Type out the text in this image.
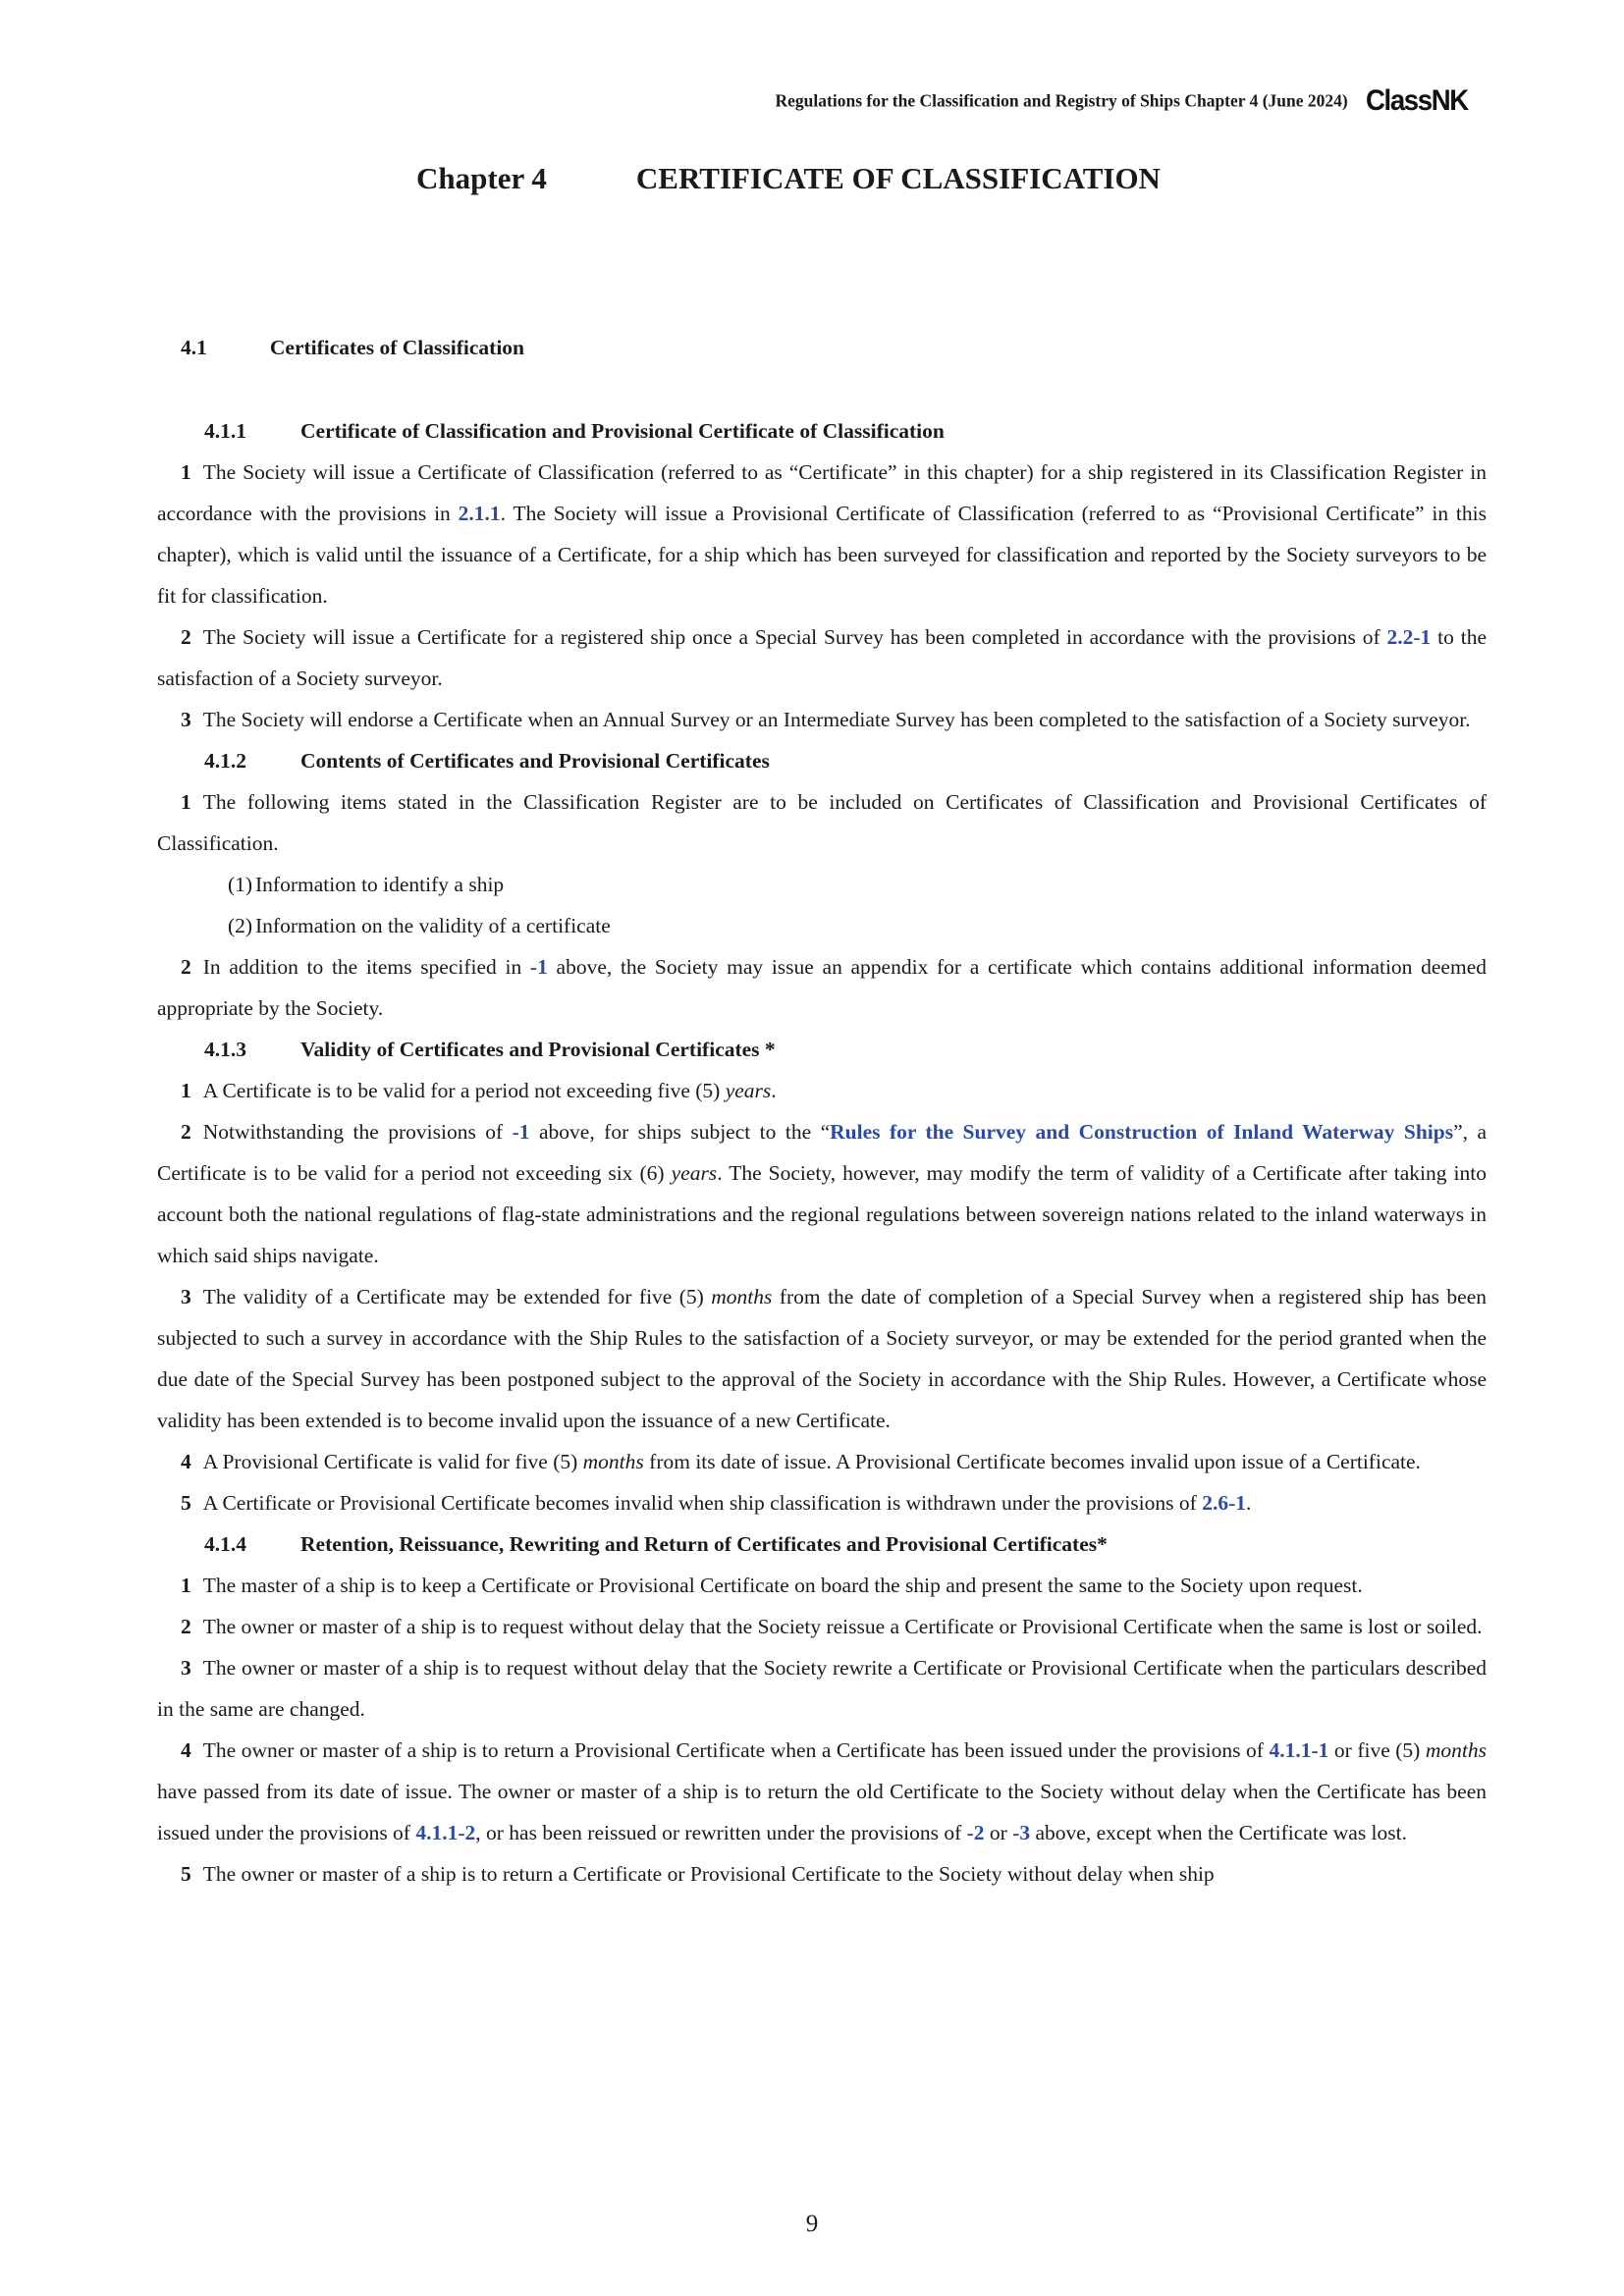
Regulations for the Classification and Registry of Ships Chapter 4 (June 2024) ClassNK
Chapter 4	CERTIFICATE OF CLASSIFICATION
4.1	Certificates of Classification

4.1.1	Certificate of Classification and Provisional Certificate of Classification

1 The Society will issue a Certificate of Classification (referred to as “Certificate” in this chapter) for a ship registered in its Classification Register in accordance with the provisions in 2.1.1. The Society will issue a Provisional Certificate of Classification (referred to as “Provisional Certificate” in this chapter), which is valid until the issuance of a Certificate, for a ship which has been surveyed for classification and reported by the Society surveyors to be fit for classification.

2 The Society will issue a Certificate for a registered ship once a Special Survey has been completed in accordance with the provisions of 2.2-1 to the satisfaction of a Society surveyor.

3 The Society will endorse a Certificate when an Annual Survey or an Intermediate Survey has been completed to the satisfaction of a Society surveyor.

4.1.2	Contents of Certificates and Provisional Certificates

1 The following items stated in the Classification Register are to be included on Certificates of Classification and Provisional Certificates of Classification.

(1) Information to identify a ship

(2) Information on the validity of a certificate

2 In addition to the items specified in -1 above, the Society may issue an appendix for a certificate which contains additional information deemed appropriate by the Society.

4.1.3	Validity of Certificates and Provisional Certificates *

1 A Certificate is to be valid for a period not exceeding five (5) years.

2 Notwithstanding the provisions of -1 above, for ships subject to the “Rules for the Survey and Construction of Inland Waterway Ships”, a Certificate is to be valid for a period not exceeding six (6) years. The Society, however, may modify the term of validity of a Certificate after taking into account both the national regulations of flag-state administrations and the regional regulations between sovereign nations related to the inland waterways in which said ships navigate.

3 The validity of a Certificate may be extended for five (5) months from the date of completion of a Special Survey when a registered ship has been subjected to such a survey in accordance with the Ship Rules to the satisfaction of a Society surveyor, or may be extended for the period granted when the due date of the Special Survey has been postponed subject to the approval of the Society in accordance with the Ship Rules. However, a Certificate whose validity has been extended is to become invalid upon the issuance of a new Certificate.

4 A Provisional Certificate is valid for five (5) months from its date of issue. A Provisional Certificate becomes invalid upon issue of a Certificate.

5 A Certificate or Provisional Certificate becomes invalid when ship classification is withdrawn under the provisions of 2.6-1.

4.1.4	Retention, Reissuance, Rewriting and Return of Certificates and Provisional Certificates*

1 The master of a ship is to keep a Certificate or Provisional Certificate on board the ship and present the same to the Society upon request.

2 The owner or master of a ship is to request without delay that the Society reissue a Certificate or Provisional Certificate when the same is lost or soiled.

3 The owner or master of a ship is to request without delay that the Society rewrite a Certificate or Provisional Certificate when the particulars described in the same are changed.

4 The owner or master of a ship is to return a Provisional Certificate when a Certificate has been issued under the provisions of 4.1.1-1 or five (5) months have passed from its date of issue. The owner or master of a ship is to return the old Certificate to the Society without delay when the Certificate has been issued under the provisions of 4.1.1-2, or has been reissued or rewritten under the provisions of -2 or -3 above, except when the Certificate was lost.

5 The owner or master of a ship is to return a Certificate or Provisional Certificate to the Society without delay when ship

9
